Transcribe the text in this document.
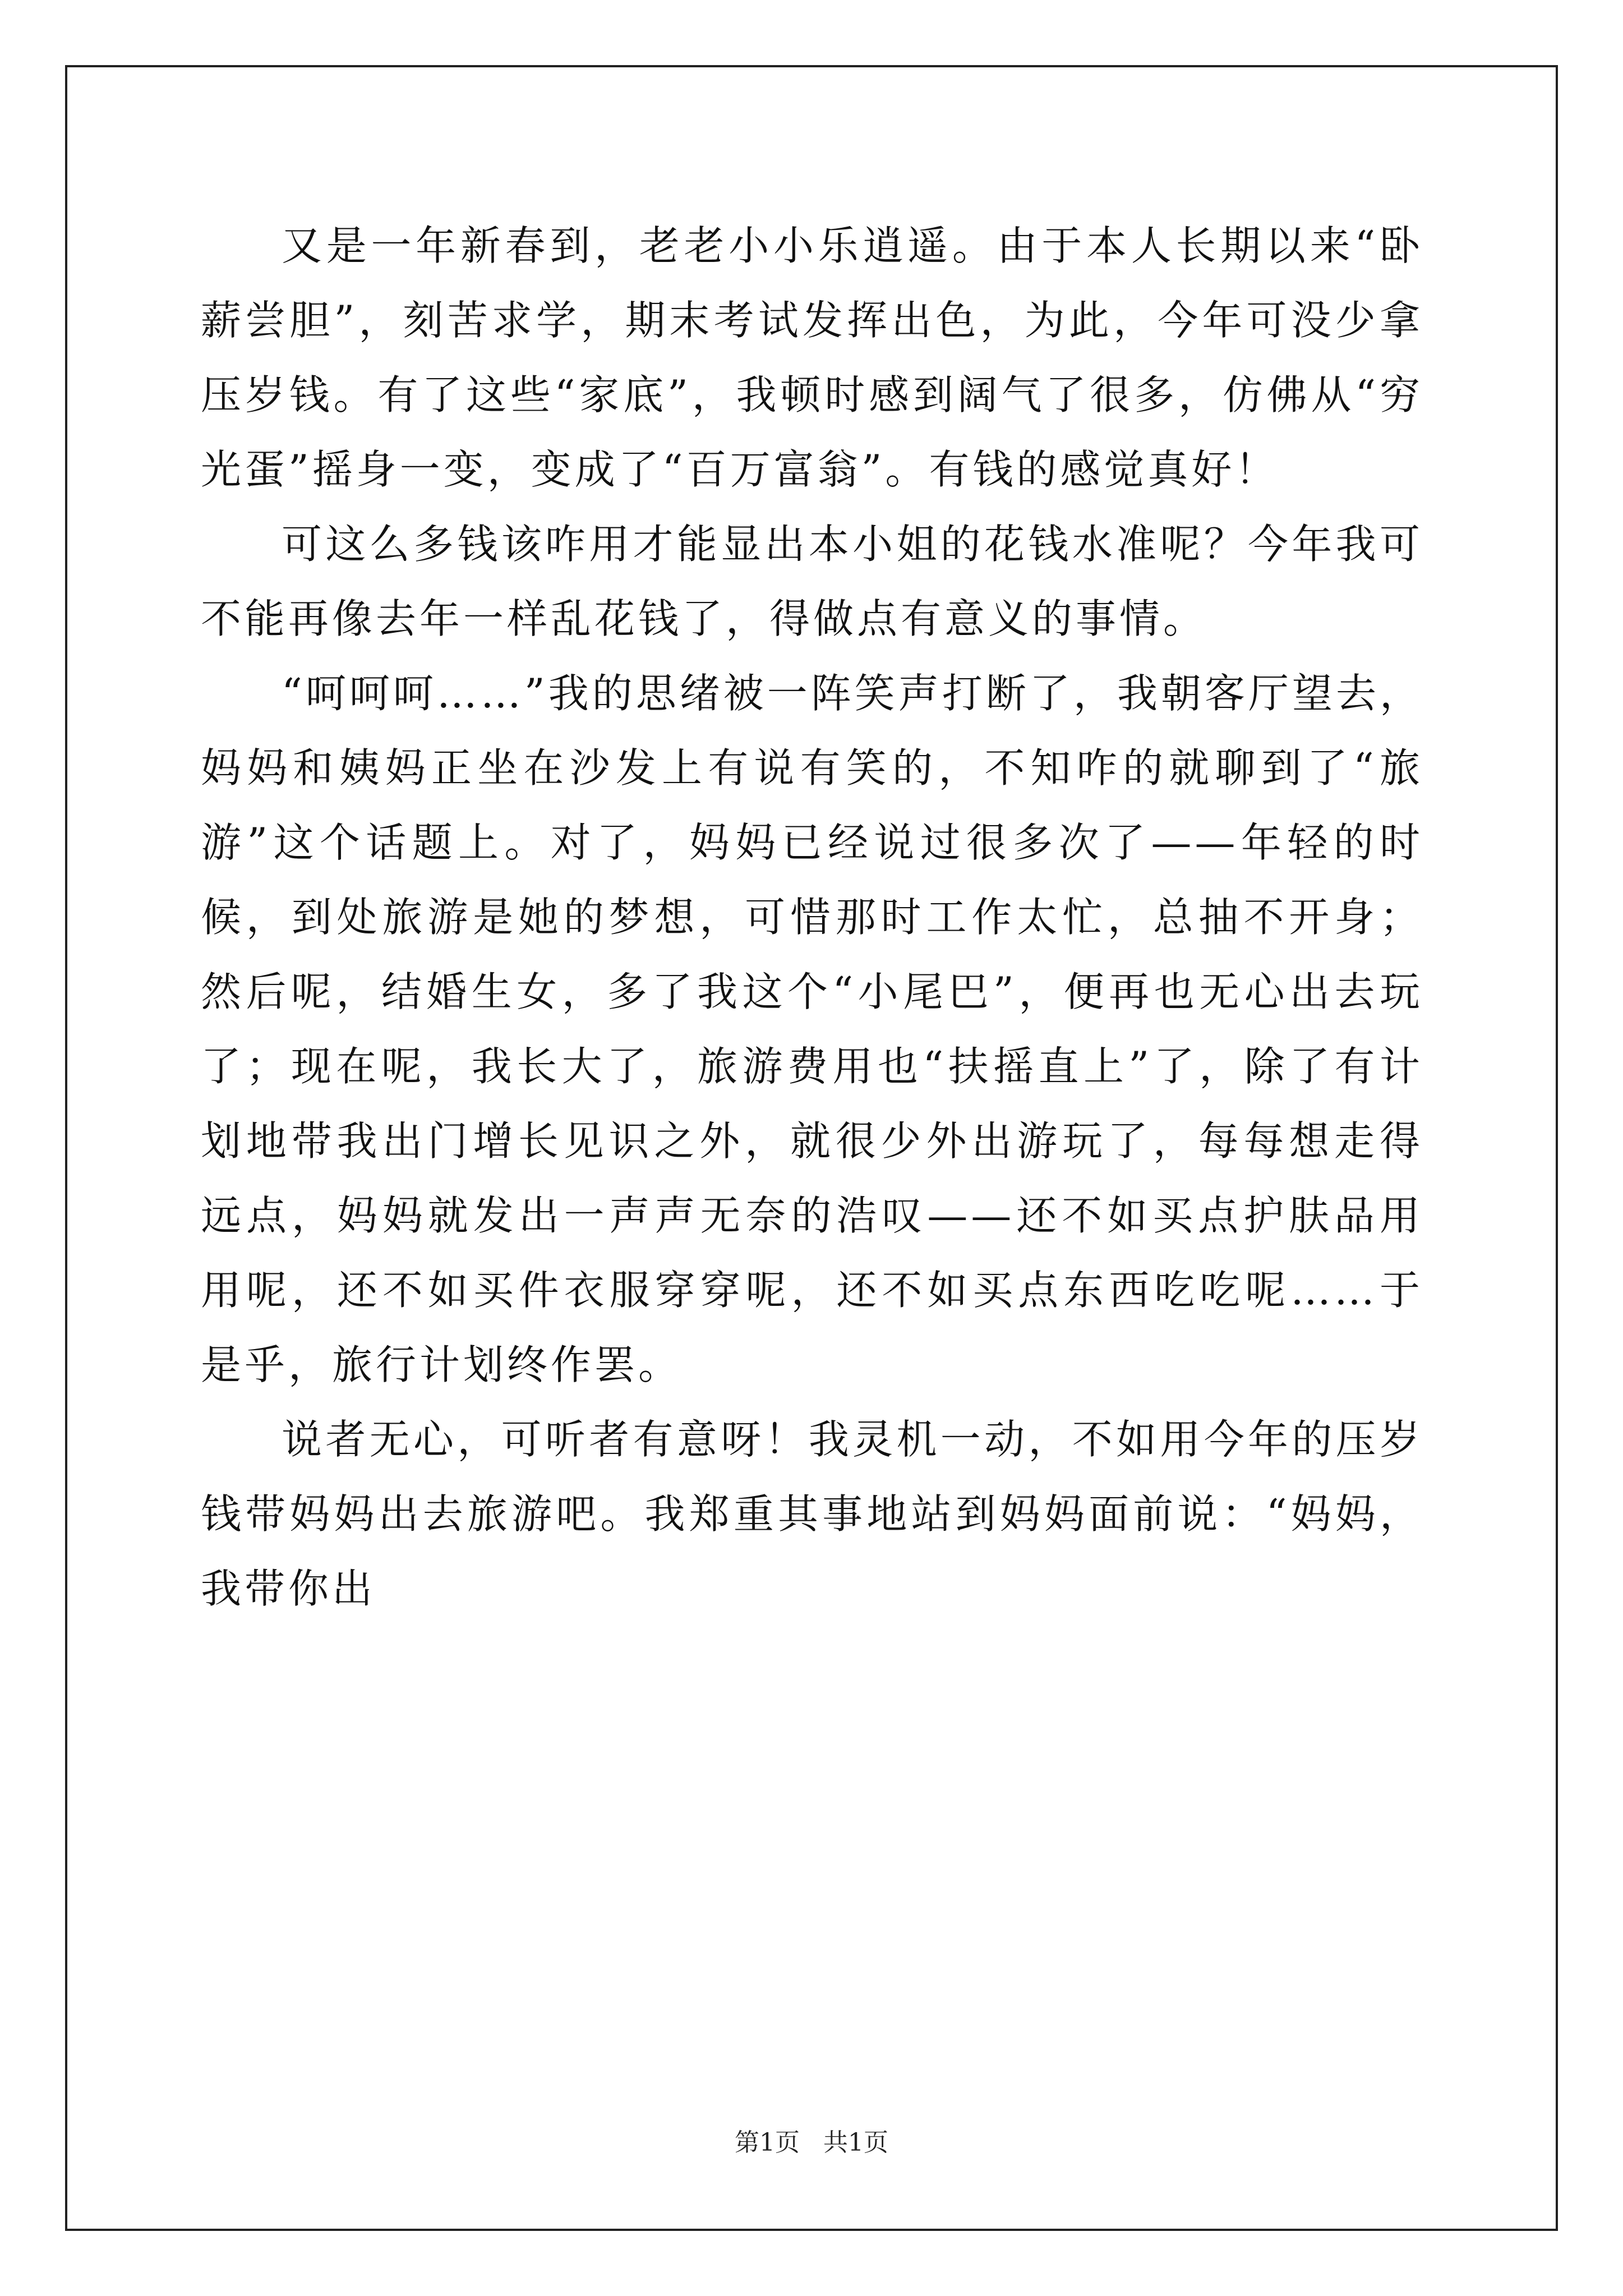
又是一年新春到，老老小小乐逍遥。由于本人长期以来“卧薪尝胆”，刻苦求学，期末考试发挥出色，为此，今年可没少拿压岁钱。有了这些“家底”，我顿时感到阔气了很多，仿佛从“穷光蛋”摇身一变，变成了“百万富翁”。有钱的感觉真好！

可这么多钱该咋用才能显出本小姐的花钱水准呢？今年我可不能再像去年一样乱花钱了，得做点有意义的事情。

“呵呵呵……”我的思绪被一阵笑声打断了，我朝客厅望去，妈妈和姨妈正坐在沙发上有说有笑的，不知咋的就聊到了“旅游”这个话题上。对了，妈妈已经说过很多次了——年轻的时候，到处旅游是她的梦想，可惜那时工作太忙，总抽不开身；然后呢，结婚生女，多了我这个“小尾巴”，便再也无心出去玩了；现在呢，我长大了，旅游费用也“扶摇直上”了，除了有计划地带我出门增长见识之外，就很少外出游玩了，每每想走得远点，妈妈就发出一声声无奈的浩叹——还不如买点护肤品用用呢，还不如买件衣服穿穿呢，还不如买点东西吃吃呢……于是乎，旅行计划终作罢。

说者无心，可听者有意呀！我灵机一动，不如用今年的压岁钱带妈妈出去旅游吧。我郑重其事地站到妈妈面前说：“妈妈，我带你出

第1页 共1页
